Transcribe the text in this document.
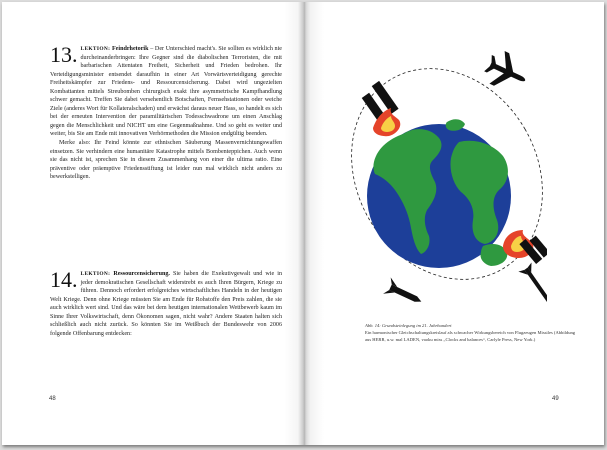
13. LEKTION: Feindrhetorik – Der Unterschied macht's. Sie sollten es wirklich nie durcheinanderbringen: Ihre Gegner sind die diabolischen Terroristen, die mit barbarischen Attentaten Freiheit, Sicherheit und Frieden bedrohen. Ihr Verteidigungsminister entsendet daraufhin in einer Art Vorwärtsverteidigung gerechte Freiheitskämpfer zur Friedens- und Ressourcensicherung. Dabei wird ungezielten Kombattanten mittels Streubomben chirurgisch exakt ihre asymmetrische Kampfhandlung schwer gemacht. Treffen Sie dabei versehentlich Botschaften, Fernsehstationen oder weiche Ziele (anderes Wort für Kollateralschaden) und erwächst daraus neuer Hass, so handelt es sich bei der erneuten Intervention der paramilitärischen Todesschwadrone um einen Anschlag gegen die Menschlichkeit und NICHT um eine Gegenmaßnahme. Und so geht es weiter und weiter, bis Sie am Ende mit innovativen Verhörmethoden die Mission endgültig beenden.

Merke also: Ihr Feind könnte zur ethnischen Säuberung Massenvernichtungswaffen einsetzen. Sie verhindern eine humanitäre Katastrophe mittels Bombenteppichen. Auch wenn sie das nicht ist, sprechen Sie in diesem Zusammenhang von einer die ultima ratio. Eine präventive oder präemptive Friedensstiftung ist leider nun mal wirklich nicht anders zu bewerkstelligen.

14. LEKTION: Ressourcensicherung. Sie haben die Exekutivgewalt und wie in jeder demokratischen Gesellschaft widerstrebt es auch Ihren Bürgern, Kriege zu führen. Dennoch erfordert erfolgreiches wirtschaftliches Handeln in der heutigen Welt Kriege. Denn ohne Kriege müssten Sie am Ende für Rohstoffe den Preis zahlen, die sie auch wirklich wert sind. Und das wäre bei dem heutigen internationalen Wettbewerb kaum im Sinne Ihrer Volkswirtschaft, denn Ökonomen sagen, nicht wahr? Andere Staaten halten sich schließlich auch nicht zurück. So könnten Sie im Weißbuch der Bundeswehr von 2006 folgende Offenbarung entdecken:

48
Abb. 14: Grundsteinlegung im 21. Jahrhundert
Ein harmonischer Gleichschaltungskreislauf als schwacher Wirkungsbereich von Flugzeugen Missiles (Abbildung aus HERR, u.w. mal LADEN, vaoku miss „Clocks and balances“, Carlyle Press, New York.)
49
